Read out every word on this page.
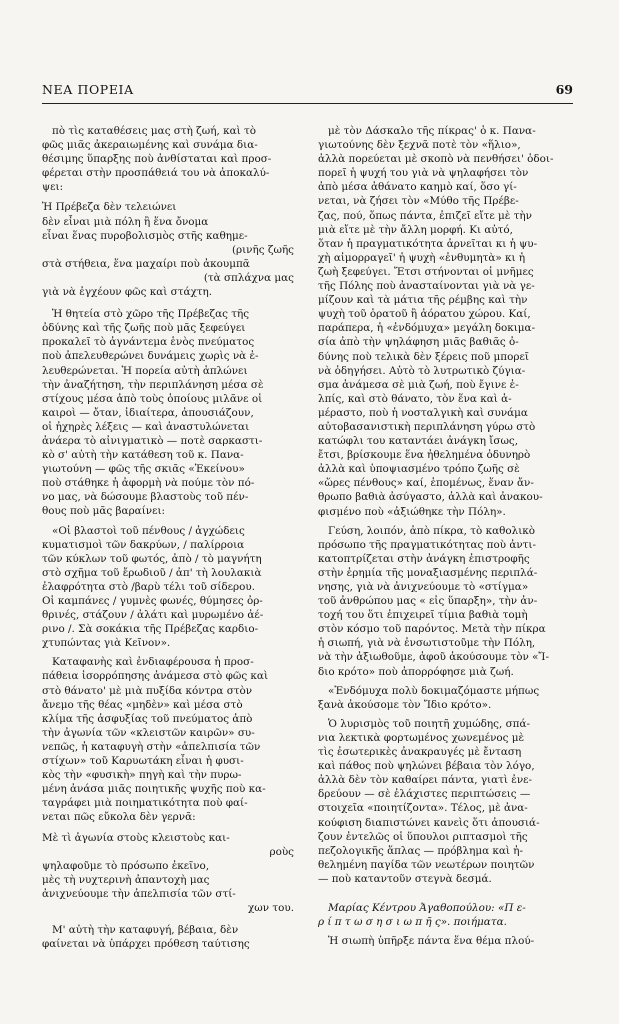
ΝΕΑ ΠΟΡΕΙΑ	69
πὸ τὶς καταθέσεις μας στὴ ζωή, καὶ τὸ
φῶς μιᾶς ἀκεραιωμένης καὶ συνάμα δια-
θέσιμης ὕπαρξης ποὺ ἀνθίσταται καὶ προσ-
φέρεται στὴν προσπάθειά του νὰ ἀποκαλύ-
ψει:
Ἡ Πρέβεζα δὲν τελειώνει
δὲν εἶναι μιὰ πόλη ἢ ἕνα ὄνομα
εἶναι ἕνας πυροβολισμὸς στῆς καθημε-
(ρινῆς ζωῆς
στὰ στήθεια, ἕνα μαχαίρι ποὺ ἀκουμπᾶ
(τὰ σπλάχνα μας
γιὰ νὰ ἐγχέουν φῶς καὶ στάχτη.
Ἡ θητεία στὸ χῶρο τῆς Πρέβεζας τῆς
ὀδύνης καὶ τῆς ζωῆς ποὺ μᾶς ξεφεύγει
προκαλεῖ τὸ ἀγνάντεμα ἑνὸς πνεύματος
ποὺ ἀπελευθερώνει δυνάμεις χωρὶς νὰ ἐ-
λευθερώνεται. Ἡ πορεία αὐτὴ ἁπλώνει
τὴν ἀναζήτηση, τὴν περιπλάνηση μέσα σὲ
στίχους μέσα ἀπὸ τοὺς ὁποίους μιλᾶνε οἱ
καιροὶ — ὄταν, ἰδιαίτερα, ἀπουσιάζουν,
οἱ ἠχηρὲς λέξεις — καὶ ἀναστυλώνεται
ἀνάερα τὸ αἰνιγματικὸ — ποτὲ σαρκαστι-
κὸ σ' αὐτὴ τὴν κατάθεση τοῦ κ. Πανα-
γιωτούνη — φῶς τῆς σκιᾶς «Ἐκείνου»
ποὺ στάθηκε ἡ ἀφορμὴ νὰ πούμε τὸν πό-
νο μας, νὰ δώσουμε βλαστοὺς τοῦ πέν-
θους ποὺ μᾶς βαραίνει:
«Οἱ βλαστοὶ τοῦ πένθους / ἀγχώδεις
κυματισμοὶ τῶν δακρύων, / παλίρροια
τῶν κύκλων τοῦ φωτός, ἀπὸ / τὸ μαγνήτη
στὸ σχῆμα τοῦ ἔρωδιοῦ / ἀπ' τὴ λουλακιὰ
ἐλαφρότητα στὸ /βαρὺ τέλι τοῦ σίδερου.
Οἱ καμπάνες / γυμνὲς φωνές, θύμησες ὀρ-
θρινές, στάζουν / ἀλάτι καὶ μυρωμένο ἀέ-
ρινο /. Σὰ σοκάκια τῆς Πρέβεζας καρδιο-
χτυπώντας γιὰ Κεῖνον».
Καταφανὴς καὶ ἐνδιαφέρουσα ἡ προσ-
πάθεια ἰσορρόπησης ἀνάμεσα στὸ φῶς καὶ
στὸ θάνατο' μὲ μιὰ πυξίδα κόντρα στὸν
ἄνεμο τῆς θέας «μηδὲν» καὶ μέσα στὸ
κλίμα τῆς ἀσφυξίας τοῦ πνεύματος ἀπὸ
τὴν ἀγωνία τῶν «κλειστῶν καιρῶν» συ-
νεπῶς, ἡ καταφυγὴ στὴν «ἀπελπισία τῶν
στίχων» τοῦ Καρυωτάκη εἶναι ἡ φυσι-
κὸς τὴν «φυσικὴ» πηγὴ καὶ τὴν πυρω-
μένη ἀνάσα μιᾶς ποιητικῆς ψυχῆς ποὺ κα-
ταγράφει μιὰ ποιηματικότητα ποὺ φαί-
νεται πῶς εὔκολα δὲν γερνᾶ:
Μὲ τὶ ἀγωνία στοὺς κλειστοὺς και-
ροὺς
ψηλαφοῦμε τὸ πρόσωπο ἐκεῖνο,
μὲς τὴ νυχτερινὴ ἀπαντοχὴ μας
ἀνιχνεύουμε τὴν ἀπελπισία τῶν στί-
χων του.
Μ' αὐτὴ τὴν καταφυγή, βέβαια, δὲν
φαίνεται νὰ ὑπάρχει πρόθεση ταύτισης
μὲ τὸν Δάσκαλο τῆς πίκρας' ὁ κ. Πανα-
γιωτούνης δὲν ξεχνᾶ ποτὲ τὸν «ἥλιο»,
ἀλλὰ πορεύεται μὲ σκοπὸ νὰ πενθήσει' ὁδοι-
πορεῖ ἡ ψυχή του γιὰ νὰ ψηλαφήσει τὸν
ἀπὸ μέσα ἀθάνατο καημὸ καί, ὅσο γί-
νεται, νὰ ζήσει τὸν «Μύθο τῆς Πρέβε-
ζας, πού, ὅπως πάντα, ἐπιζεῖ εἴτε μὲ τὴν
μιὰ εἴτε μὲ τὴν ἄλλη μορφή. Κι αὐτό,
ὅταν ἡ πραγματικότητα ἀρνεῖται κι ἡ ψυ-
χὴ αἱμορραγεῖ' ἡ ψυχὴ «ἐνθυμητὰ» κι ἡ
ζωὴ ξεφεύγει. Ἔτσι στήνονται οἱ μνῆμες
τῆς Πόλης ποὺ ἀνασταίνονται γιὰ νὰ γε-
μίζουν καὶ τὰ μάτια τῆς ρέμβης καὶ τὴν
ψυχὴ τοῦ ὁρατοῦ ἢ ἀόρατου χώρου. Καί,
παράπερα, ἡ «ἐνδόμυχα» μεγάλη δοκιμα-
σία ἀπὸ τὴν ψηλάφηση μιᾶς βαθιᾶς ὀ-
δύνης ποὺ τελικὰ δὲν ξέρεις ποῦ μπορεῖ
νὰ ὁδηγήσει. Αὐτὸ τὸ λυτρωτικὸ ζύγια-
σμα ἀνάμεσα σὲ μιὰ ζωή, ποὺ ἔγινε ἐ-
λπίς, καὶ στὸ θάνατο, τὸν ἕνα καὶ ἀ-
μέραστο, ποὺ ἡ νοσταλγικὴ καὶ συνάμα
αὐτοβασανιστικὴ περιπλάνηση γύρω στὸ
κατώφλι του καταντάει ἀνάγκη ἴσως,
ἔτσι, βρίσκουμε ἕνα ἠθελημένα ὀδυνηρὸ
ἀλλὰ καὶ ὑποψιασμένο τρόπο ζωῆς σὲ
«ὥρες πένθους» καί, ἑπομένως, ἕναν ἄν-
θρωπο βαθιὰ ἀσύγαστο, ἀλλὰ καὶ ἀνακου-
φισμένο ποὺ «ἀξιώθηκε τὴν Πόλη».
Γεύση, λοιπόν, ἀπὸ πίκρα, τὸ καθολικὸ
πρόσωπο τῆς πραγματικότητας ποὺ ἀντι-
κατοπτρίζεται στὴν ἀνάγκη ἐπιστροφῆς
στὴν ἐρημία τῆς μοναξιασμένης περιπλά-
νησης, γιὰ νὰ ἀνιχνεύουμε τὸ «στίγμα»
τοῦ ἀνθρώπου μας « εἰς ὕπαρξη», τὴν ἀν-
τοχή του ὅτι ἐπιχειρεῖ τίμια βαθιὰ τομὴ
στὸν κόσμο τοῦ παρόντος. Μετὰ τὴν πίκρα
ἡ σιωπή, γιὰ νὰ ἐνσωτιστοῦμε τὴν Πόλη,
νὰ τὴν ἀξιωθοῦμε, ἀφοῦ ἀκούσουμε τὸν «Ἴ-
διο κρότο» ποὺ ἀπορρόφησε μιὰ ζωή.
«Ἐνδόμυχα πολὺ δοκιμαζόμαστε μήπως
ξανὰ ἀκούσομε τὸν Ἴδιο κρότο».
Ὁ λυρισμὸς τοῦ ποιητῆ χυμώδης, σπά-
νια λεκτικὰ φορτωμένος χωνεμένος μὲ
τὶς ἐσωτερικὲς ἀνακραυγές μὲ ἔνταση
καὶ πάθος ποὺ ψηλώνει βέβαια τὸν λόγο,
ἀλλὰ δὲν τὸν καθαίρει πάντα, γιατὶ ἐνε-
δρεύουν — σὲ ἐλάχιστες περιπτώσεις —
στοιχεῖα «ποιητίζοντα». Τέλος, μὲ ἀνα-
κούφιση διαπιστώνει κανεὶς ὅτι ἀπουσιά-
ζουν ἐντελῶς οἱ ὕπουλοι ριπτασμοὶ τῆς
πεζολογικῆς ἅπλας — πρόβλημα καὶ ἠ-
θελημένη παγίδα τῶν νεωτέρων ποιητῶν
— ποὺ καταντοῦν στεγνὰ δεσμά.
Μαρίας Κέντρου Ἀγαθοπούλου: «Π ε-
ρ ί π τ ω σ η σ ι ω π ῆ ς». ποιήματα.
Ἡ σιωπὴ ὑπῆρξε πάντα ἕνα θέμα πλού-
